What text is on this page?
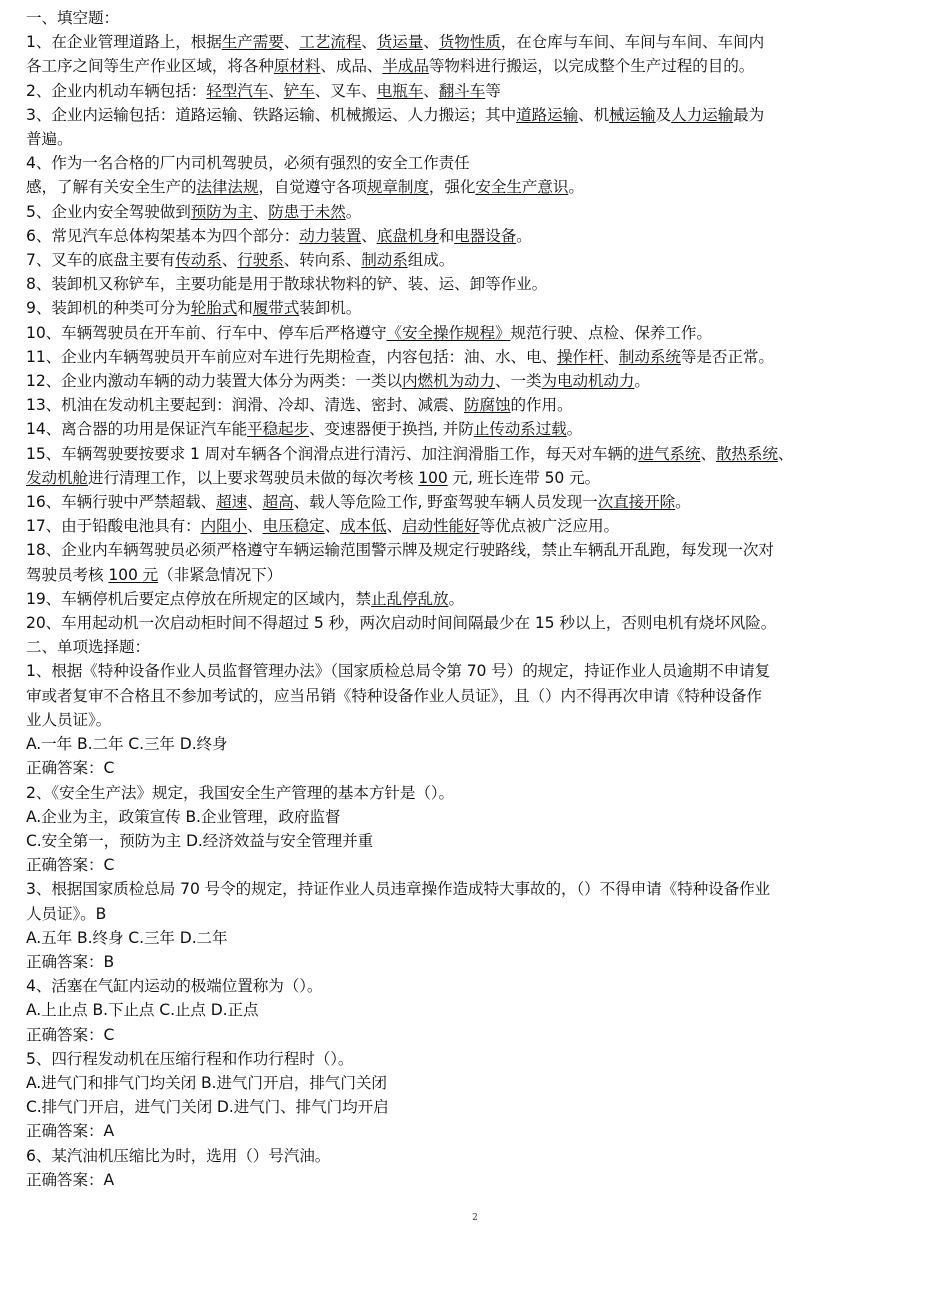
一、填空题：
1、在企业管理道路上，根据生产需要、工艺流程、货运量、货物性质，在仓库与车间、车间与车间、车间内
各工序之间等生产作业区域，将各种原材料、成品、半成品等物料进行搬运，以完成整个生产过程的目的。
2、企业内机动车辆包括：轻型汽车、铲车、叉车、电瓶车、翻斗车等
3、企业内运输包括：道路运输、铁路运输、机械搬运、人力搬运；其中道路运输、机械运输及人力运输最为
普遍。
4、作为一名合格的厂内司机驾驶员，必须有强烈的安全工作责任
感，了解有关安全生产的法律法规，自觉遵守各项规章制度，强化安全生产意识。
5、企业内安全驾驶做到预防为主、防患于未然。
6、常见汽车总体构架基本为四个部分：动力装置、底盘机身和电器设备。
7、叉车的底盘主要有传动系、行驶系、转向系、制动系组成。
8、装卸机又称铲车，主要功能是用于散球状物料的铲、装、运、卸等作业。
9、装卸机的种类可分为轮胎式和履带式装卸机。
10、车辆驾驶员在开车前、行车中、停车后严格遵守《安全操作规程》规范行驶、点检、保养工作。
11、企业内车辆驾驶员开车前应对车进行先期检查，内容包括：油、水、电、操作杆、制动系统等是否正常。
12、企业内激动车辆的动力装置大体分为两类：一类以内燃机为动力、一类为电动机动力。
13、机油在发动机主要起到：润滑、冷却、清选、密封、减震、防腐蚀的作用。
14、离合器的功用是保证汽车能平稳起步、变速器便于换挡, 并防止传动系过载。
15、车辆驾驶要按要求 1 周对车辆各个润滑点进行清污、加注润滑脂工作，每天对车辆的进气系统、散热系统、
发动机舱进行清理工作，以上要求驾驶员未做的每次考核 100 元, 班长连带 50 元。
16、车辆行驶中严禁超载、超速、超高、载人等危险工作, 野蛮驾驶车辆人员发现一次直接开除。
17、由于铅酸电池具有：内阻小、电压稳定、成本低、启动性能好等优点被广泛应用。
18、企业内车辆驾驶员必须严格遵守车辆运输范围警示牌及规定行驶路线，禁止车辆乱开乱跑，每发现一次对
驾驶员考核 100 元（非紧急情况下）
19、车辆停机后要定点停放在所规定的区域内，禁止乱停乱放。
20、车用起动机一次启动柜时间不得超过 5 秒，两次启动时间间隔最少在 15 秒以上，否则电机有烧坏风险。
二、单项选择题：
1、根据《特种设备作业人员监督管理办法》（国家质检总局令第 70 号）的规定，持证作业人员逾期不申请复
审或者复审不合格且不参加考试的，应当吊销《特种设备作业人员证》，且（）内不得再次申请《特种设备作
业人员证》。
A.一年 B.二年 C.三年 D.终身
正确答案：C
2、《安全生产法》规定，我国安全生产管理的基本方针是（）。
A.企业为主，政策宣传 B.企业管理，政府监督
C.安全第一，预防为主 D.经济效益与安全管理并重
正确答案：C
3、根据国家质检总局 70 号令的规定，持证作业人员违章操作造成特大事故的，（）不得申请《特种设备作业
人员证》。B
A.五年 B.终身 C.三年 D.二年
正确答案：B
4、活塞在气缸内运动的极端位置称为（）。
A.上止点 B.下止点 C.止点 D.正点
正确答案：C
5、四行程发动机在压缩行程和作功行程时（）。
A.进气门和排气门均关闭 B.进气门开启，排气门关闭
C.排气门开启，进气门关闭 D.进气门、排气门均开启
正确答案：A
6、某汽油机压缩比为时，选用（）号汽油。
正确答案：A
2
